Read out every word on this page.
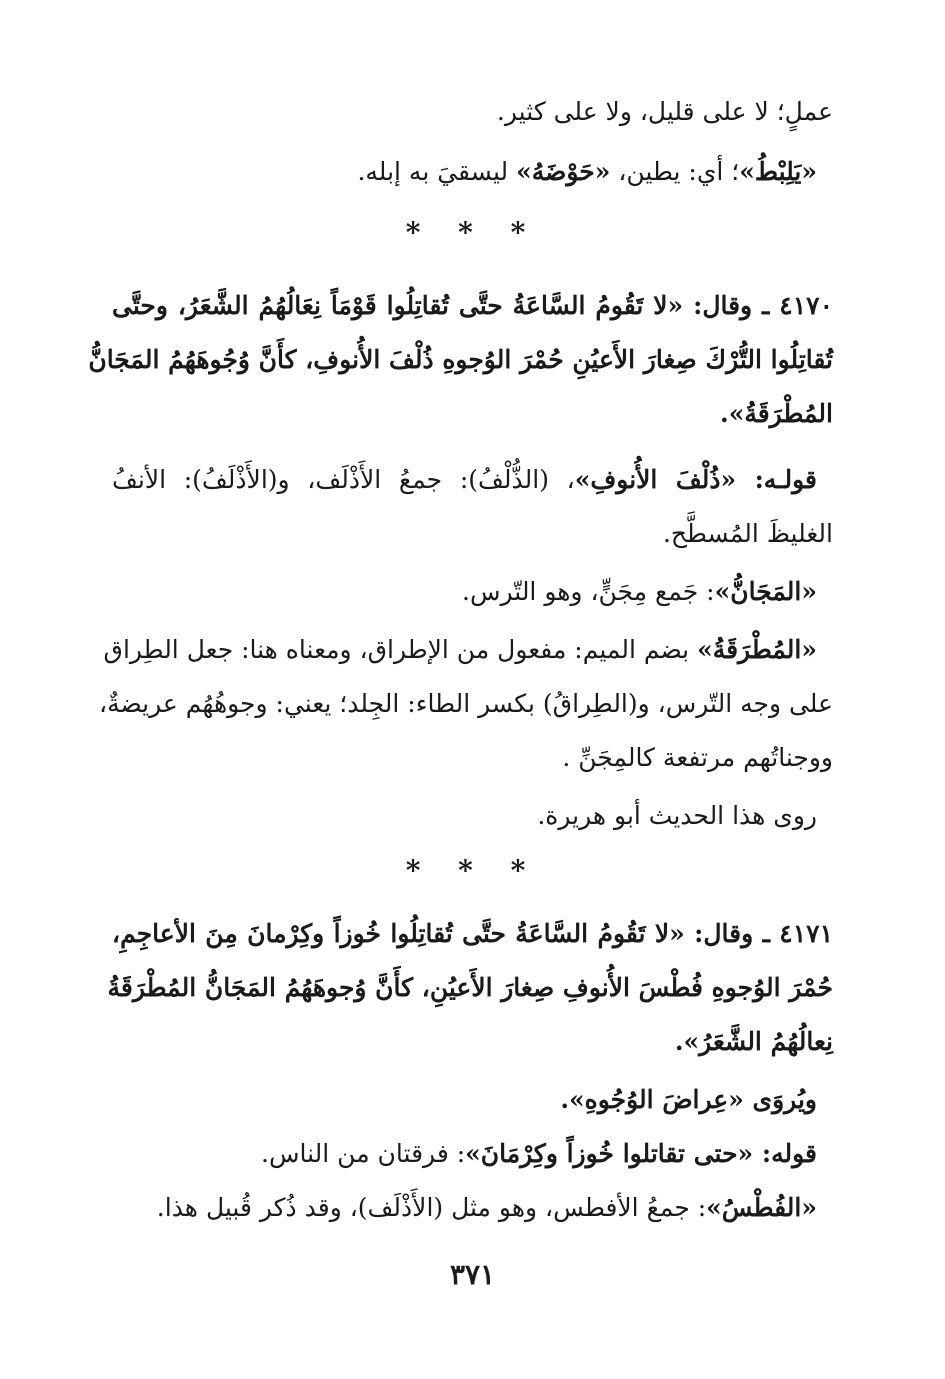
عملٍ؛ لا على قليل، ولا على كثير.
«يَلِبْطُ»؛ أي: يطين، «حَوْضَهُ» ليسقيَ به إبله.
* * *
٤١٧٠ ـ وقال: «لا تَقُومُ السَّاعَةُ حتَّى تُقاتِلُوا قَوْمَاً نِعَالُهُمُ الشَّعَرُ، وحتَّى
تُقاتِلُوا التُّرْكَ صِغارَ الأَعيُنِ حُمْرَ الوُجوهِ ذُلْفَ الأُنوفِ، كأَنَّ وُجُوهَهُمُ المَجَانُّ
المُطْرَقَةُ».
قولـه: «ذُلْفَ الأُنوفِ»، (الذُّلْفُ): جمعُ الأَذْلَف، و(الأَذْلَفُ): الأنفُ
الغليظَ المُسطَّح.
«المَجَانُّ»: جَمع مِجَنٍّ، وهو التّرس.
«المُطْرَقَةُ» بضم الميم: مفعول من الإطراق، ومعناه هنا: جعل الطِراق
على وجه التّرس، و(الطِراقُ) بكسر الطاء: الجِلد؛ يعني: وجوهُهُم عريضةٌ،
ووجناتُهم مرتفعة كالمِجَنِّ .
روى هذا الحديث أبو هريرة.
* * *
٤١٧١ ـ وقال: «لا تَقُومُ السَّاعَةُ حتَّى تُقاتِلُوا خُوزاً وكِرْمانَ مِنَ الأعاجِمِ،
حُمْرَ الوُجوهِ فُطْسَ الأُنوفِ صِغارَ الأَعيُنِ، كأَنَّ وُجوهَهُمُ المَجَانُّ المُطْرَقَةُ
نِعالُهُمُ الشَّعَرُ».
ويُروَى «عِراضَ الوُجُوهِ».
قوله: «حتى تقاتلوا خُوزاً وكِرْمَانَ»: فرقتان من الناس.
«الفُطْسُ»: جمعُ الأفطس، وهو مثل (الأَذْلَف)، وقد ذُكر قُبيل هذا.
٣٧١
